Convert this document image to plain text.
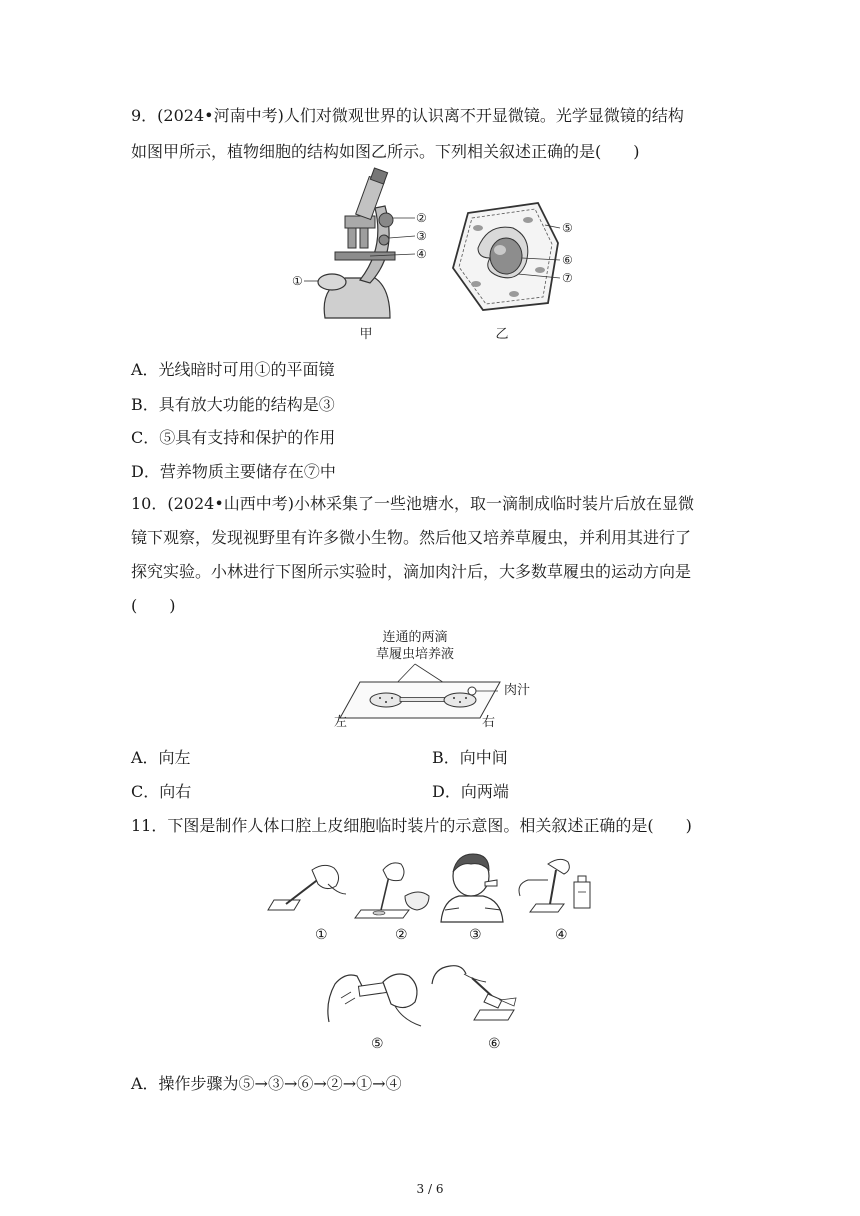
9．(2024•河南中考)人们对微观世界的认识离不开显微镜。光学显微镜的结构
如图甲所示，植物细胞的结构如图乙所示。下列相关叙述正确的是(　　)
②
③
④
①
甲
⑤
⑥
⑦
乙
A．光线暗时可用①的平面镜
B．具有放大功能的结构是③
C．⑤具有支持和保护的作用
D．营养物质主要储存在⑦中
10．(2024•山西中考)小林采集了一些池塘水，取一滴制成临时装片后放在显微
镜下观察，发现视野里有许多微小生物。然后他又培养草履虫，并利用其进行了
探究实验。小林进行下图所示实验时，滴加肉汁后，大多数草履虫的运动方向是
(　　)
连通的两滴
草履虫培养液
肉汁
左	右
A．向左	B．向中间
C．向右	D．向两端
11．下图是制作人体口腔上皮细胞临时装片的示意图。相关叙述正确的是(　　)
①	②	③	④
⑤	⑥
A．操作步骤为⑤→③→⑥→②→①→④
3 / 6
